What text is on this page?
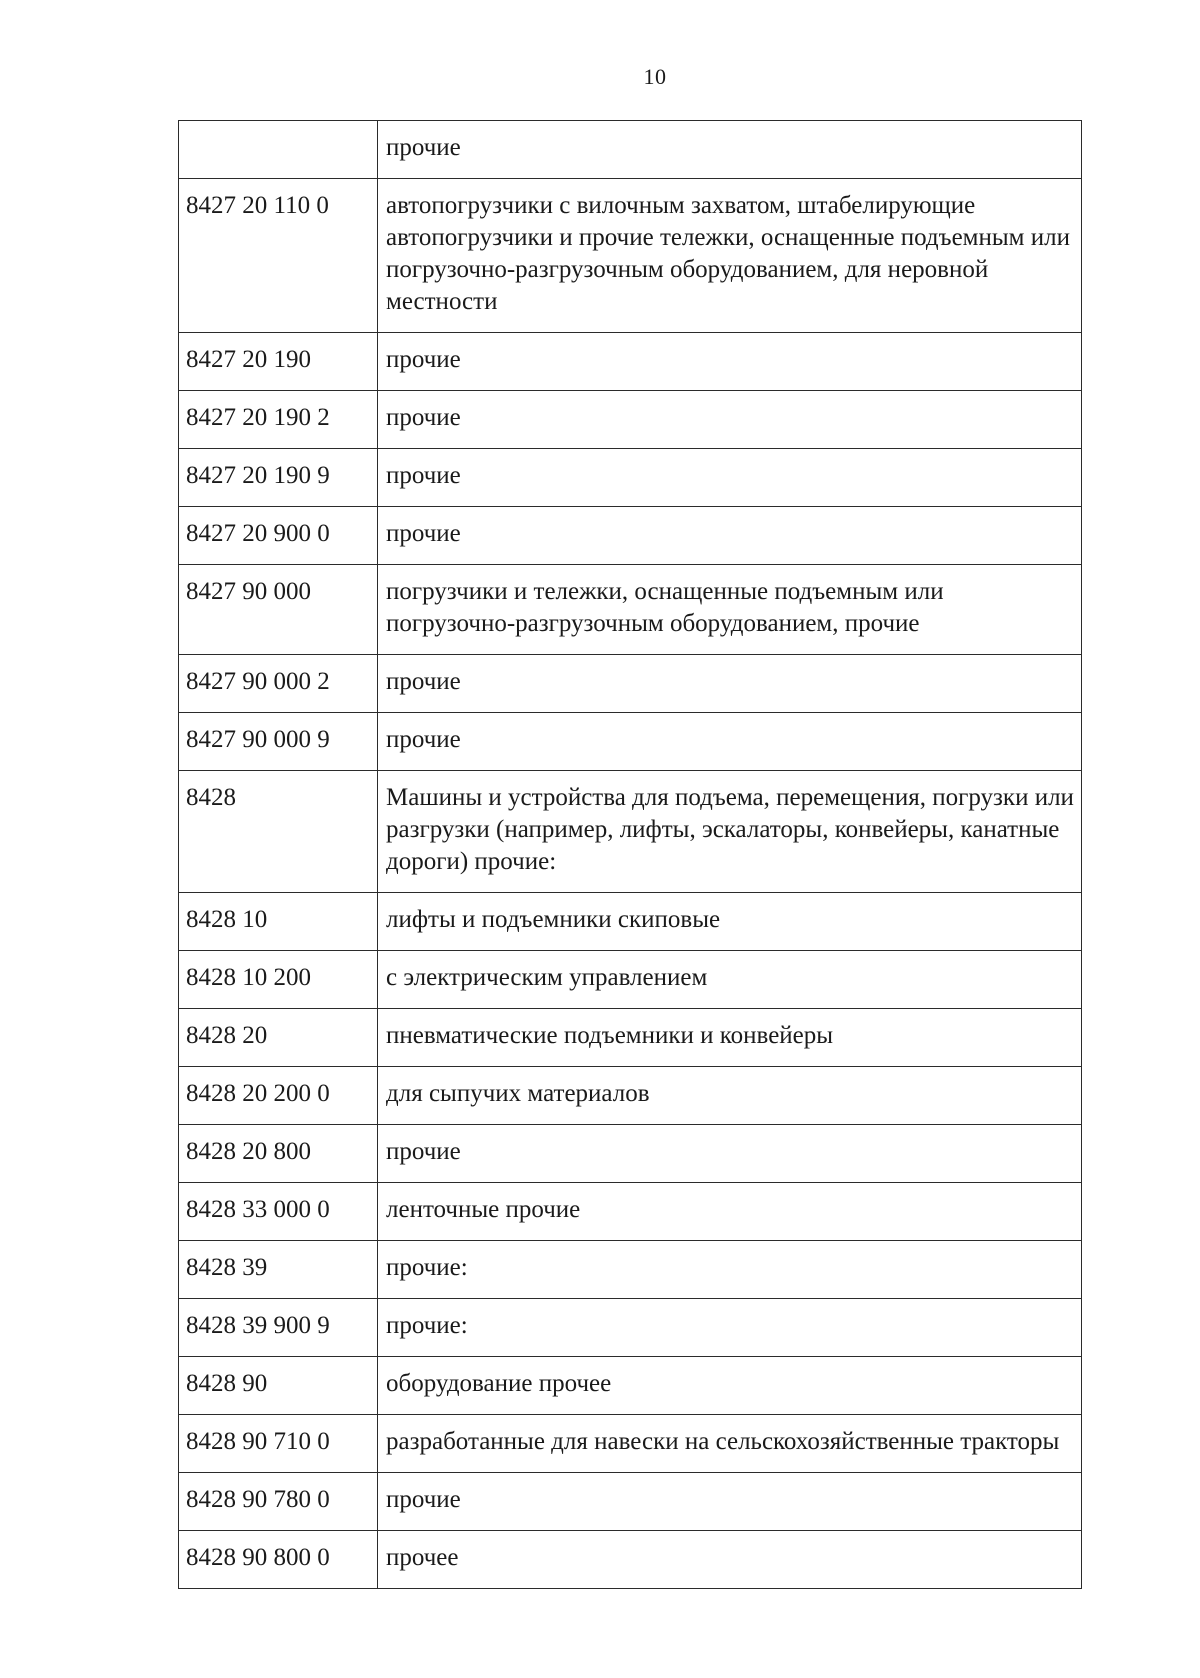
10
	прочие
8427 20 110 0	автопогрузчики с вилочным захватом, штабелирующие автопогрузчики и прочие тележки, оснащенные подъемным или погрузочно-разгрузочным оборудованием, для неровной местности
8427 20 190	прочие
8427 20 190 2	прочие
8427 20 190 9	прочие
8427 20 900 0	прочие
8427 90 000	погрузчики и тележки, оснащенные подъемным или погрузочно-разгрузочным оборудованием, прочие
8427 90 000 2	прочие
8427 90 000 9	прочие
8428	Машины и устройства для подъема, перемещения, погрузки или разгрузки (например, лифты, эскалаторы, конвейеры, канатные дороги) прочие:
8428 10	лифты и подъемники скиповые
8428 10 200	с электрическим управлением
8428 20	пневматические подъемники и конвейеры
8428 20 200 0	для сыпучих материалов
8428 20 800	прочие
8428 33 000 0	ленточные прочие
8428 39	прочие:
8428 39 900 9	прочие:
8428 90	оборудование прочее
8428 90 710 0	разработанные для навески на сельскохозяйственные тракторы
8428 90 780 0	прочие
8428 90 800 0	прочее
